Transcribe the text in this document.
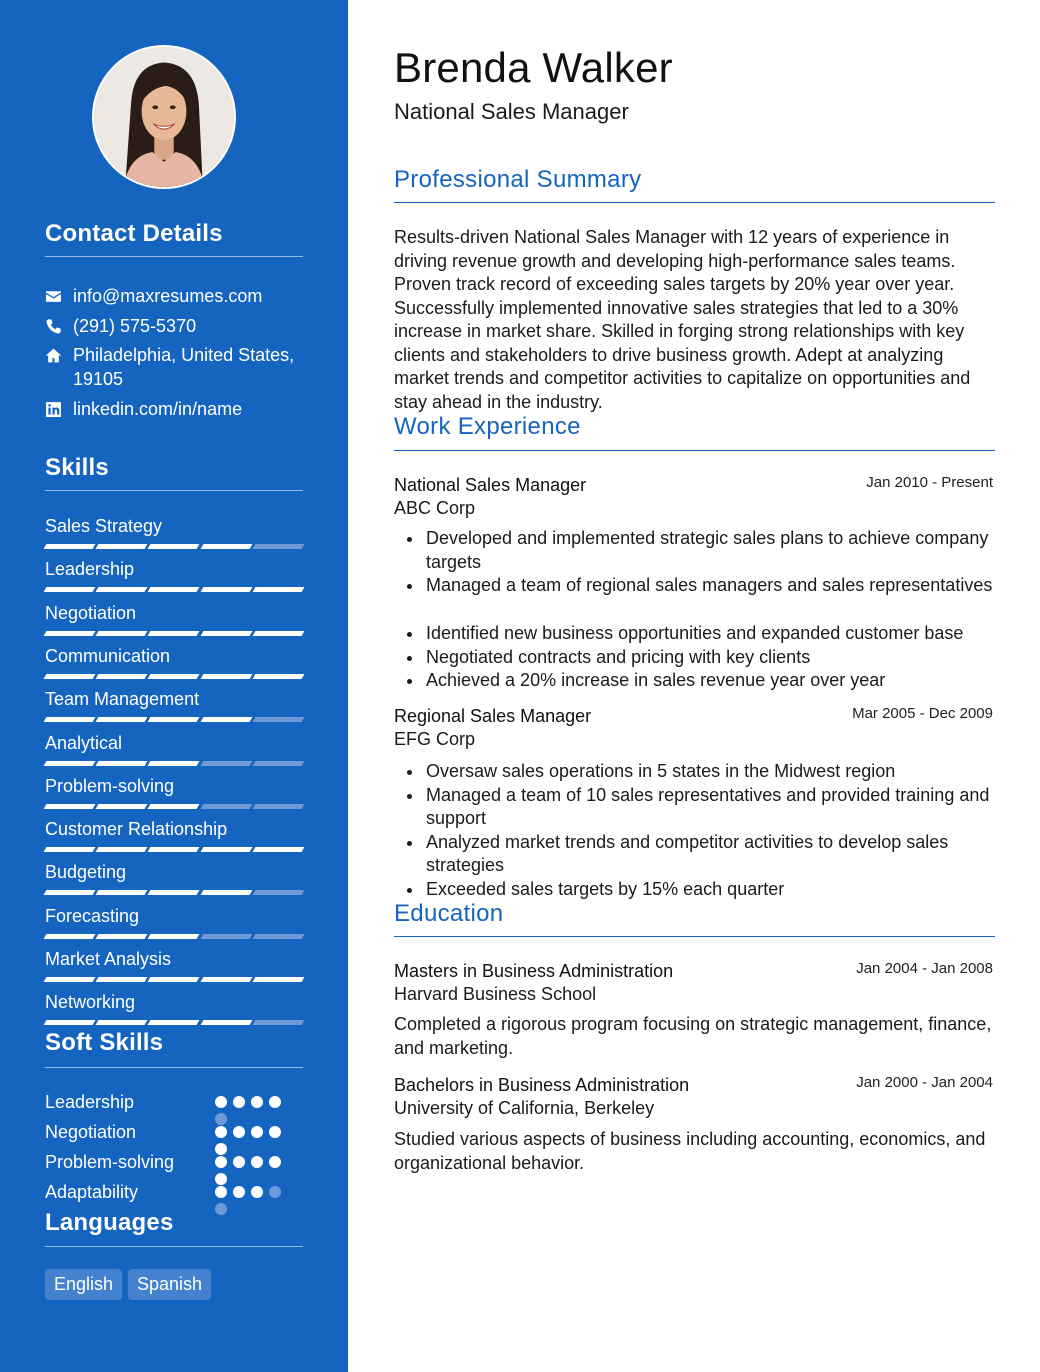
Contact Details
info@maxresumes.com
(291) 575-5370
Philadelphia, United States,
19105
linkedin.com/in/name
Skills
Sales Strategy
Leadership
Negotiation
Communication
Team Management
Analytical
Problem-solving
Customer Relationship
Budgeting
Forecasting
Market Analysis
Networking
Soft Skills
Leadership
Negotiation
Problem-solving
Adaptability
Languages
English	Spanish
Brenda Walker
National Sales Manager
Professional Summary

Results-driven National Sales Manager with 12 years of experience in driving revenue growth and developing high-performance sales teams. Proven track record of exceeding sales targets by 20% year over year. Successfully implemented innovative sales strategies that led to a 30% increase in market share. Skilled in forging strong relationships with key clients and stakeholders to drive business growth. Adept at analyzing market trends and competitor activities to capitalize on opportunities and stay ahead in the industry.

Work Experience
National Sales Manager	Jan 2010 - Present
ABC Corp
Developed and implemented strategic sales plans to achieve company targets
Managed a team of regional sales managers and sales representatives
Identified new business opportunities and expanded customer base
Negotiated contracts and pricing with key clients
Achieved a 20% increase in sales revenue year over year
Regional Sales Manager	Mar 2005 - Dec 2009
EFG Corp
Oversaw sales operations in 5 states in the Midwest region
Managed a team of 10 sales representatives and provided training and support
Analyzed market trends and competitor activities to develop sales strategies
Exceeded sales targets by 15% each quarter
Education
Masters in Business Administration	Jan 2004 - Jan 2008
Harvard Business School

Completed a rigorous program focusing on strategic management, finance, and marketing.

Bachelors in Business Administration	Jan 2000 - Jan 2004
University of California, Berkeley

Studied various aspects of business including accounting, economics, and organizational behavior.
